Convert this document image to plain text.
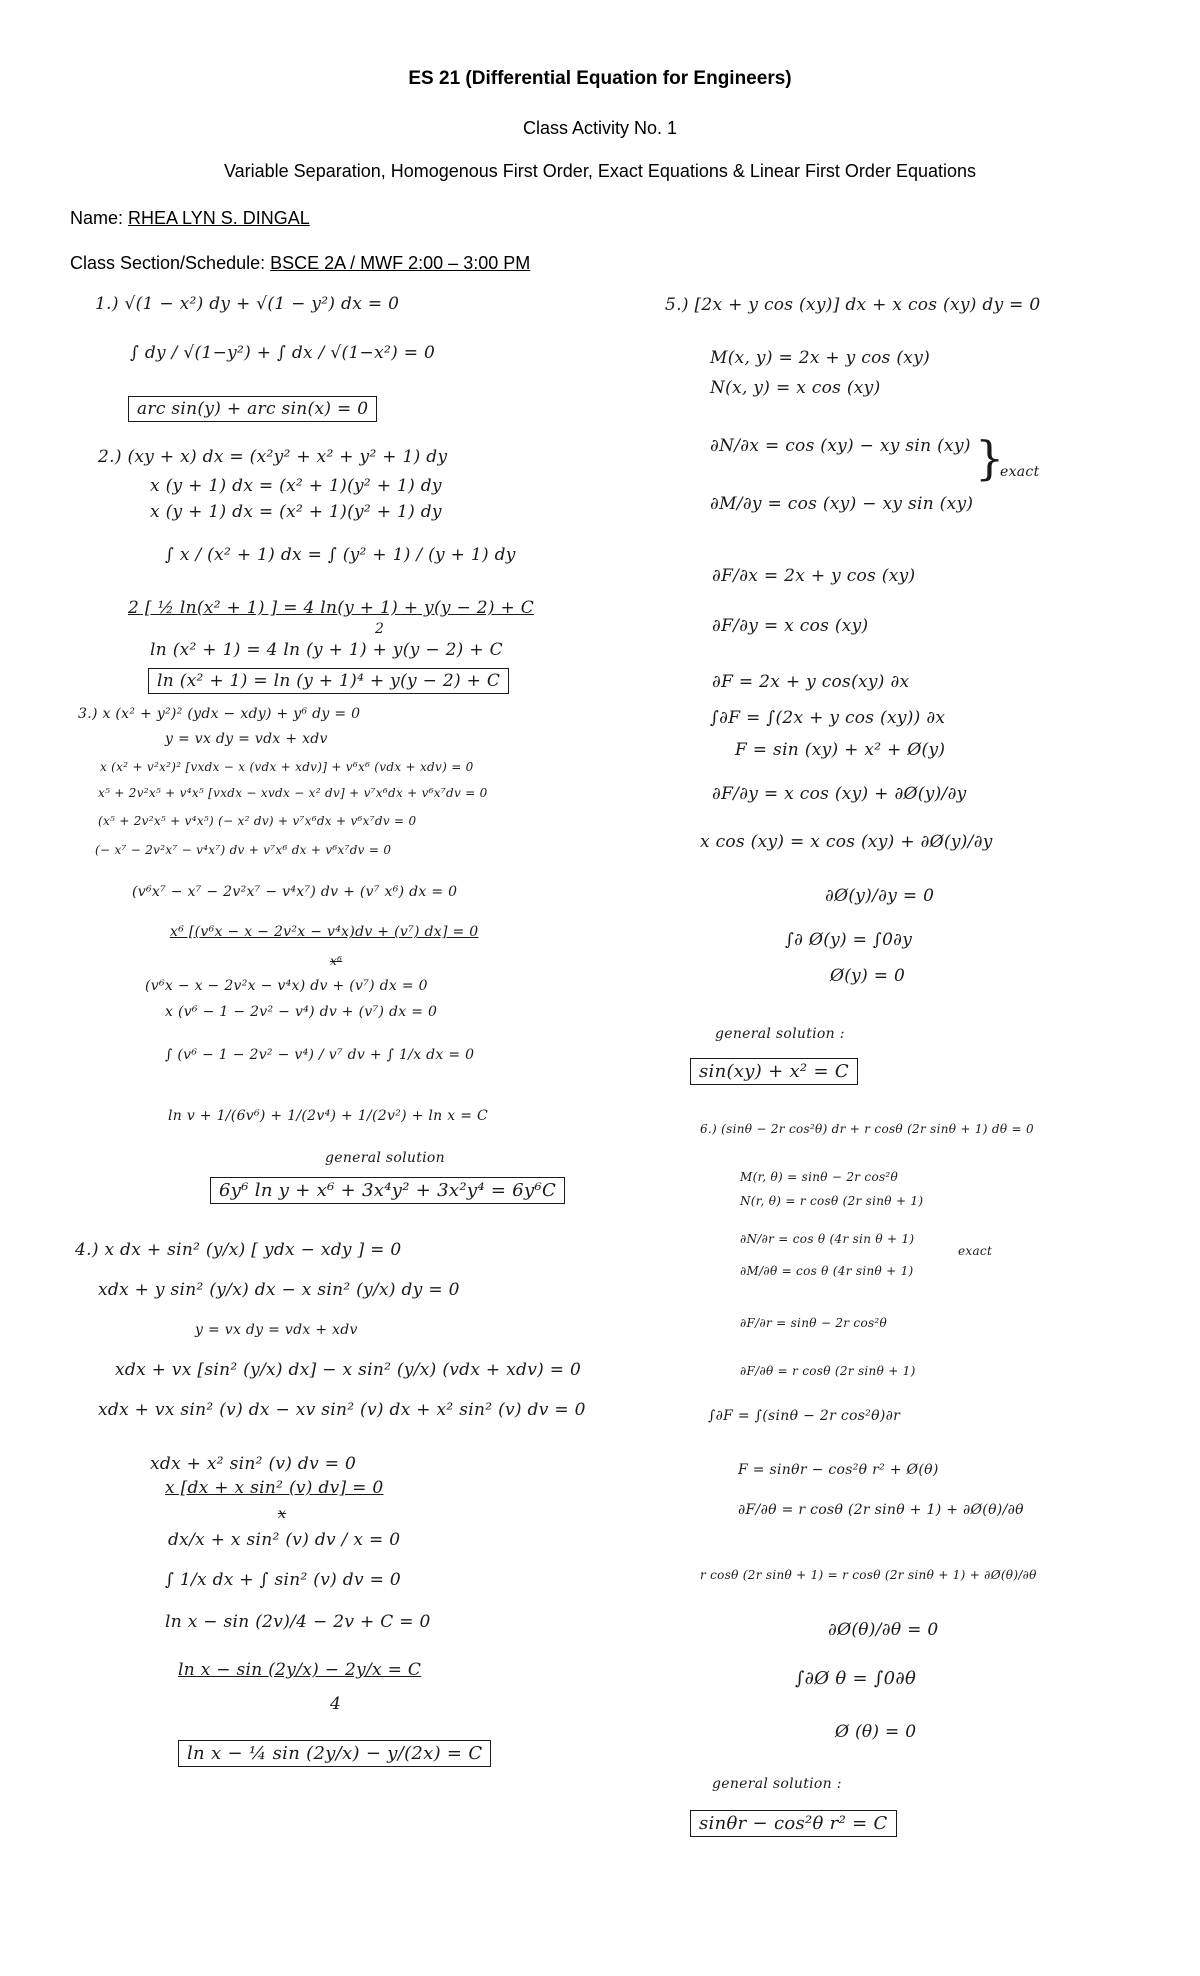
ES 21 (Differential Equation for Engineers)
Class Activity No. 1
Variable Separation, Homogenous First Order, Exact Equations & Linear First Order Equations
Name: RHEA LYN S. DINGAL
Class Section/Schedule: BSCE 2A / MWF 2:00 – 3:00 PM
1.) √(1 − x²) dy + √(1 − y²) dx = 0
∫ dy / √(1−y²) + ∫ dx / √(1−x²) = 0
arc sin(y) + arc sin(x) = 0
2.) (xy + x) dx = (x²y² + x² + y² + 1) dy
x (y + 1) dx = (x² + 1)(y² + 1) dy
x (y + 1) dx = (x² + 1)(y² + 1) dy
∫ x / (x² + 1) dx = ∫ (y² + 1) / (y + 1) dy
2 [ ½ ln(x² + 1) ] = 4 ln(y + 1) + y(y − 2) + C
2
ln (x² + 1) = 4 ln (y + 1) + y(y − 2) + C
ln (x² + 1) = ln (y + 1)⁴ + y(y − 2) + C
3.) x (x² + y²)² (ydx − xdy) + y⁶ dy = 0
y = vx dy = vdx + xdv
x (x² + v²x²)² [vxdx − x (vdx + xdv)] + v⁶x⁶ (vdx + xdv) = 0
x⁵ + 2v²x⁵ + v⁴x⁵ [vxdx − xvdx − x² dv] + v⁷x⁶dx + v⁶x⁷dv = 0
(x⁵ + 2v²x⁵ + v⁴x⁵) (− x² dv) + v⁷x⁶dx + v⁶x⁷dv = 0
(− x⁷ − 2v²x⁷ − v⁴x⁷) dv + v⁷x⁶ dx + v⁶x⁷dv = 0
(v⁶x⁷ − x⁷ − 2v²x⁷ − v⁴x⁷) dv + (v⁷ x⁶) dx = 0
x⁶ [(v⁶x − x − 2v²x − v⁴x)dv + (v⁷) dx] = 0
x⁶
(v⁶x − x − 2v²x − v⁴x) dv + (v⁷) dx = 0
x (v⁶ − 1 − 2v² − v⁴) dv + (v⁷) dx = 0
∫ (v⁶ − 1 − 2v² − v⁴) / v⁷ dv + ∫ 1/x dx = 0
ln v + 1/(6v⁶) + 1/(2v⁴) + 1/(2v²) + ln x = C
general solution
6y⁶ ln y + x⁶ + 3x⁴y² + 3x²y⁴ = 6y⁶C
4.) x dx + sin² (y/x) [ ydx − xdy ] = 0
xdx + y sin² (y/x) dx − x sin² (y/x) dy = 0
y = vx dy = vdx + xdv
xdx + vx [sin² (y/x) dx] − x sin² (y/x) (vdx + xdv) = 0
xdx + vx sin² (v) dx − xv sin² (v) dx + x² sin² (v) dv = 0
xdx + x² sin² (v) dv = 0
x [dx + x sin² (v) dv] = 0
x
dx/x + x sin² (v) dv / x = 0
∫ 1/x dx + ∫ sin² (v) dv = 0
ln x − sin (2v)/4 − 2v + C = 0
ln x − sin (2y/x) − 2y/x = C
4
ln x − ¼ sin (2y/x) − y/(2x) = C
5.) [2x + y cos (xy)] dx + x cos (xy) dy = 0
M(x, y) = 2x + y cos (xy)
N(x, y) = x cos (xy)
∂N/∂x = cos (xy) − xy sin (xy)
∂M/∂y = cos (xy) − xy sin (xy)
}
exact
∂F/∂x = 2x + y cos (xy)
∂F/∂y = x cos (xy)
∂F = 2x + y cos(xy) ∂x
∫∂F = ∫(2x + y cos (xy)) ∂x
F = sin (xy) + x² + Ø(y)
∂F/∂y = x cos (xy) + ∂Ø(y)/∂y
x cos (xy) = x cos (xy) + ∂Ø(y)/∂y
∂Ø(y)/∂y = 0
∫∂ Ø(y) = ∫0∂y
Ø(y) = 0
general solution :
sin(xy) + x² = C
6.) (sinθ − 2r cos²θ) dr + r cosθ (2r sinθ + 1) dθ = 0
M(r, θ) = sinθ − 2r cos²θ
N(r, θ) = r cosθ (2r sinθ + 1)
∂N/∂r = cos θ (4r sin θ + 1)
∂M/∂θ = cos θ (4r sinθ + 1)
exact
∂F/∂r = sinθ − 2r cos²θ
∂F/∂θ = r cosθ (2r sinθ + 1)
∫∂F = ∫(sinθ − 2r cos²θ)∂r
F = sinθr − cos²θ r² + Ø(θ)
∂F/∂θ = r cosθ (2r sinθ + 1) + ∂Ø(θ)/∂θ
r cosθ (2r sinθ + 1) = r cosθ (2r sinθ + 1) + ∂Ø(θ)/∂θ
∂Ø(θ)/∂θ = 0
∫∂Ø θ = ∫0∂θ
Ø (θ) = 0
general solution :
sinθr − cos²θ r² = C
